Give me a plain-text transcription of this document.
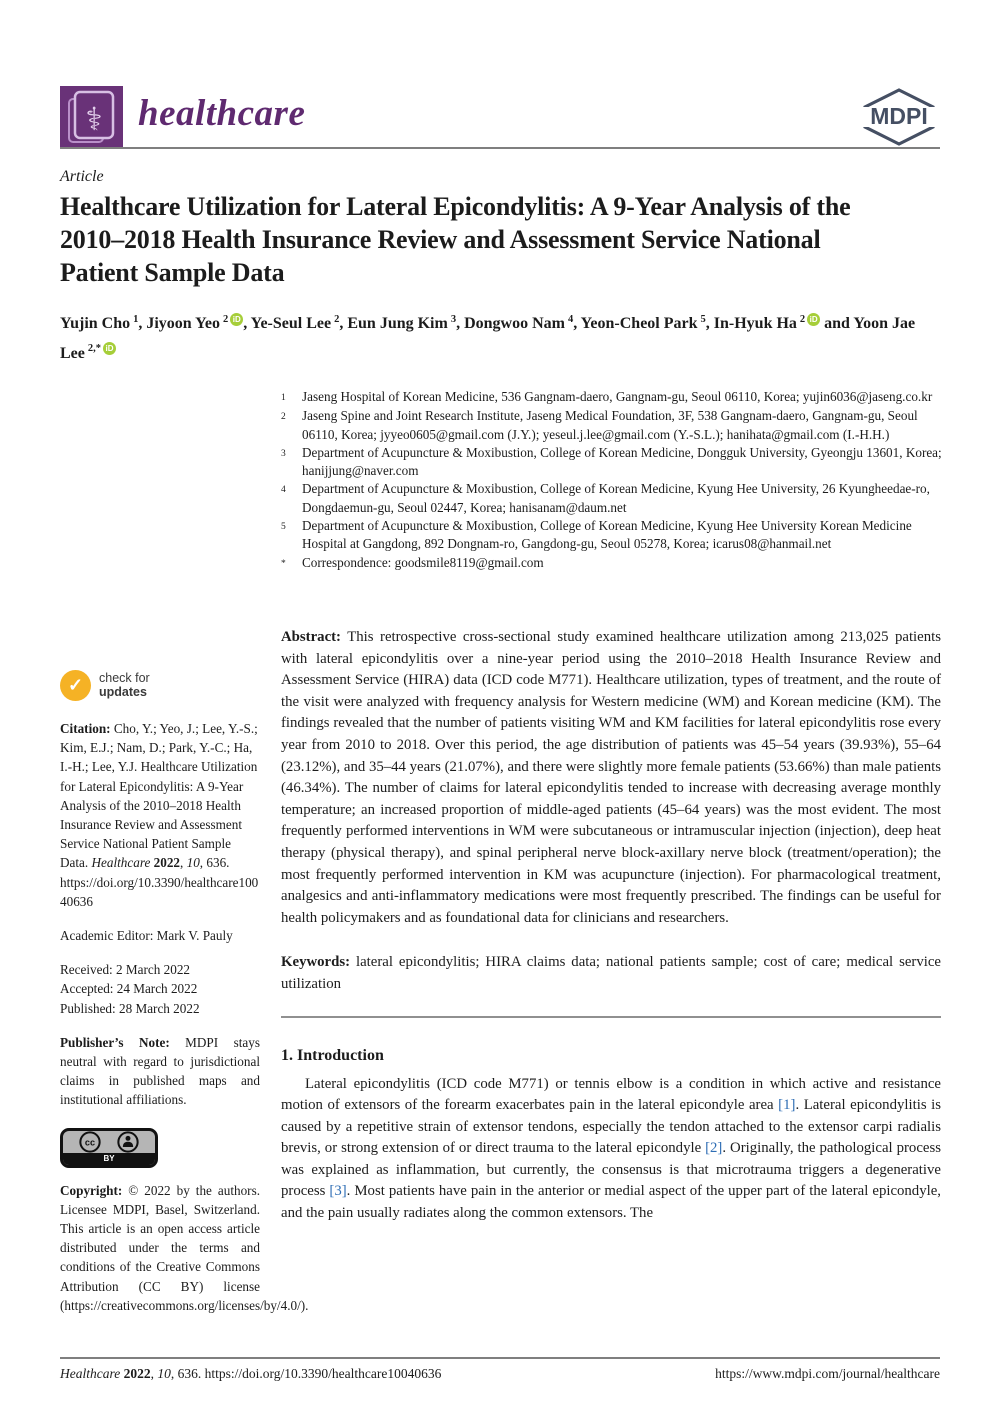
⚕ healthcare	MDPI
Article
Healthcare Utilization for Lateral Epicondylitis: A 9-Year Analysis of the 2010–2018 Health Insurance Review and Assessment Service National Patient Sample Data

Yujin Cho $^1$, Jiyoon Yeo $^2$ iD , Ye-Seul Lee $^2$, Eun Jung Kim $^3$, Dongwoo Nam $^4$, Yeon-Cheol Park $^5$, In-Hyuk Ha $^2$ iD and Yoon Jae Lee $^{2,*}$ iD

1	Jaseng Hospital of Korean Medicine, 536 Gangnam-daero, Gangnam-gu, Seoul 06110, Korea; yujin6036@jaseng.co.kr
2	Jaseng Spine and Joint Research Institute, Jaseng Medical Foundation, 3F, 538 Gangnam-daero, Gangnam-gu, Seoul 06110, Korea; jyyeo0605@gmail.com (J.Y.); yeseul.j.lee@gmail.com (Y.-S.L.); hanihata@gmail.com (I.-H.H.)
3	Department of Acupuncture & Moxibustion, College of Korean Medicine, Dongguk University, Gyeongju 13601, Korea; hanijjung@naver.com
4	Department of Acupuncture & Moxibustion, College of Korean Medicine, Kyung Hee University, 26 Kyungheedae-ro, Dongdaemun-gu, Seoul 02447, Korea; hanisanam@daum.net
5	Department of Acupuncture & Moxibustion, College of Korean Medicine, Kyung Hee University Korean Medicine Hospital at Gangdong, 892 Dongnam-ro, Gangdong-gu, Seoul 05278, Korea; icarus08@hanmail.net
*	Correspondence: goodsmile8119@gmail.com
✓	check for
updates

Citation: Cho, Y.; Yeo, J.; Lee, Y.-S.; Kim, E.J.; Nam, D.; Park, Y.-C.; Ha, I.-H.; Lee, Y.J. Healthcare Utilization for Lateral Epicondylitis: A 9-Year Analysis of the 2010–2018 Health Insurance Review and Assessment Service National Patient Sample Data. Healthcare 2022, 10, 636. https://doi.org/10.3390/healthcare10040636

Academic Editor: Mark V. Pauly

Received: 2 March 2022

Accepted: 24 March 2022

Published: 28 March 2022

Publisher’s Note: MDPI stays neutral with regard to jurisdictional claims in published maps and institutional affiliations.

cc
BY

Copyright: © 2022 by the authors. Licensee MDPI, Basel, Switzerland. This article is an open access article distributed under the terms and conditions of the Creative Commons Attribution (CC BY) license (https://creativecommons.org/licenses/by/4.0/).

Abstract: This retrospective cross-sectional study examined healthcare utilization among 213,025 patients with lateral epicondylitis over a nine-year period using the 2010–2018 Health Insurance Review and Assessment Service (HIRA) data (ICD code M771). Healthcare utilization, types of treatment, and the route of the visit were analyzed with frequency analysis for Western medicine (WM) and Korean medicine (KM). The findings revealed that the number of patients visiting WM and KM facilities for lateral epicondylitis rose every year from 2010 to 2018. Over this period, the age distribution of patients was 45–54 years (39.93%), 55–64 (23.12%), and 35–44 years (21.07%), and there were slightly more female patients (53.66%) than male patients (46.34%). The number of claims for lateral epicondylitis tended to increase with decreasing average monthly temperature; an increased proportion of middle-aged patients (45–64 years) was the most evident. The most frequently performed interventions in WM were subcutaneous or intramuscular injection (injection), deep heat therapy (physical therapy), and spinal peripheral nerve block-axillary nerve block (treatment/operation); the most frequently performed intervention in KM was acupuncture (injection). For pharmacological treatment, analgesics and anti-inflammatory medications were most frequently prescribed. The findings can be useful for health policymakers and as foundational data for clinicians and researchers.

Keywords: lateral epicondylitis; HIRA claims data; national patients sample; cost of care; medical service utilization

1. Introduction

Lateral epicondylitis (ICD code M771) or tennis elbow is a condition in which active and resistance motion of extensors of the forearm exacerbates pain in the lateral epicondyle area [1]. Lateral epicondylitis is caused by a repetitive strain of extensor tendons, especially the tendon attached to the extensor carpi radialis brevis, or strong extension of or direct trauma to the lateral epicondyle [2]. Originally, the pathological process was explained as inflammation, but currently, the consensus is that microtrauma triggers a degenerative process [3]. Most patients have pain in the anterior or medial aspect of the upper part of the lateral epicondyle, and the pain usually radiates along the common extensors. The

Healthcare 2022, 10, 636. https://doi.org/10.3390/healthcare10040636	https://www.mdpi.com/journal/healthcare
